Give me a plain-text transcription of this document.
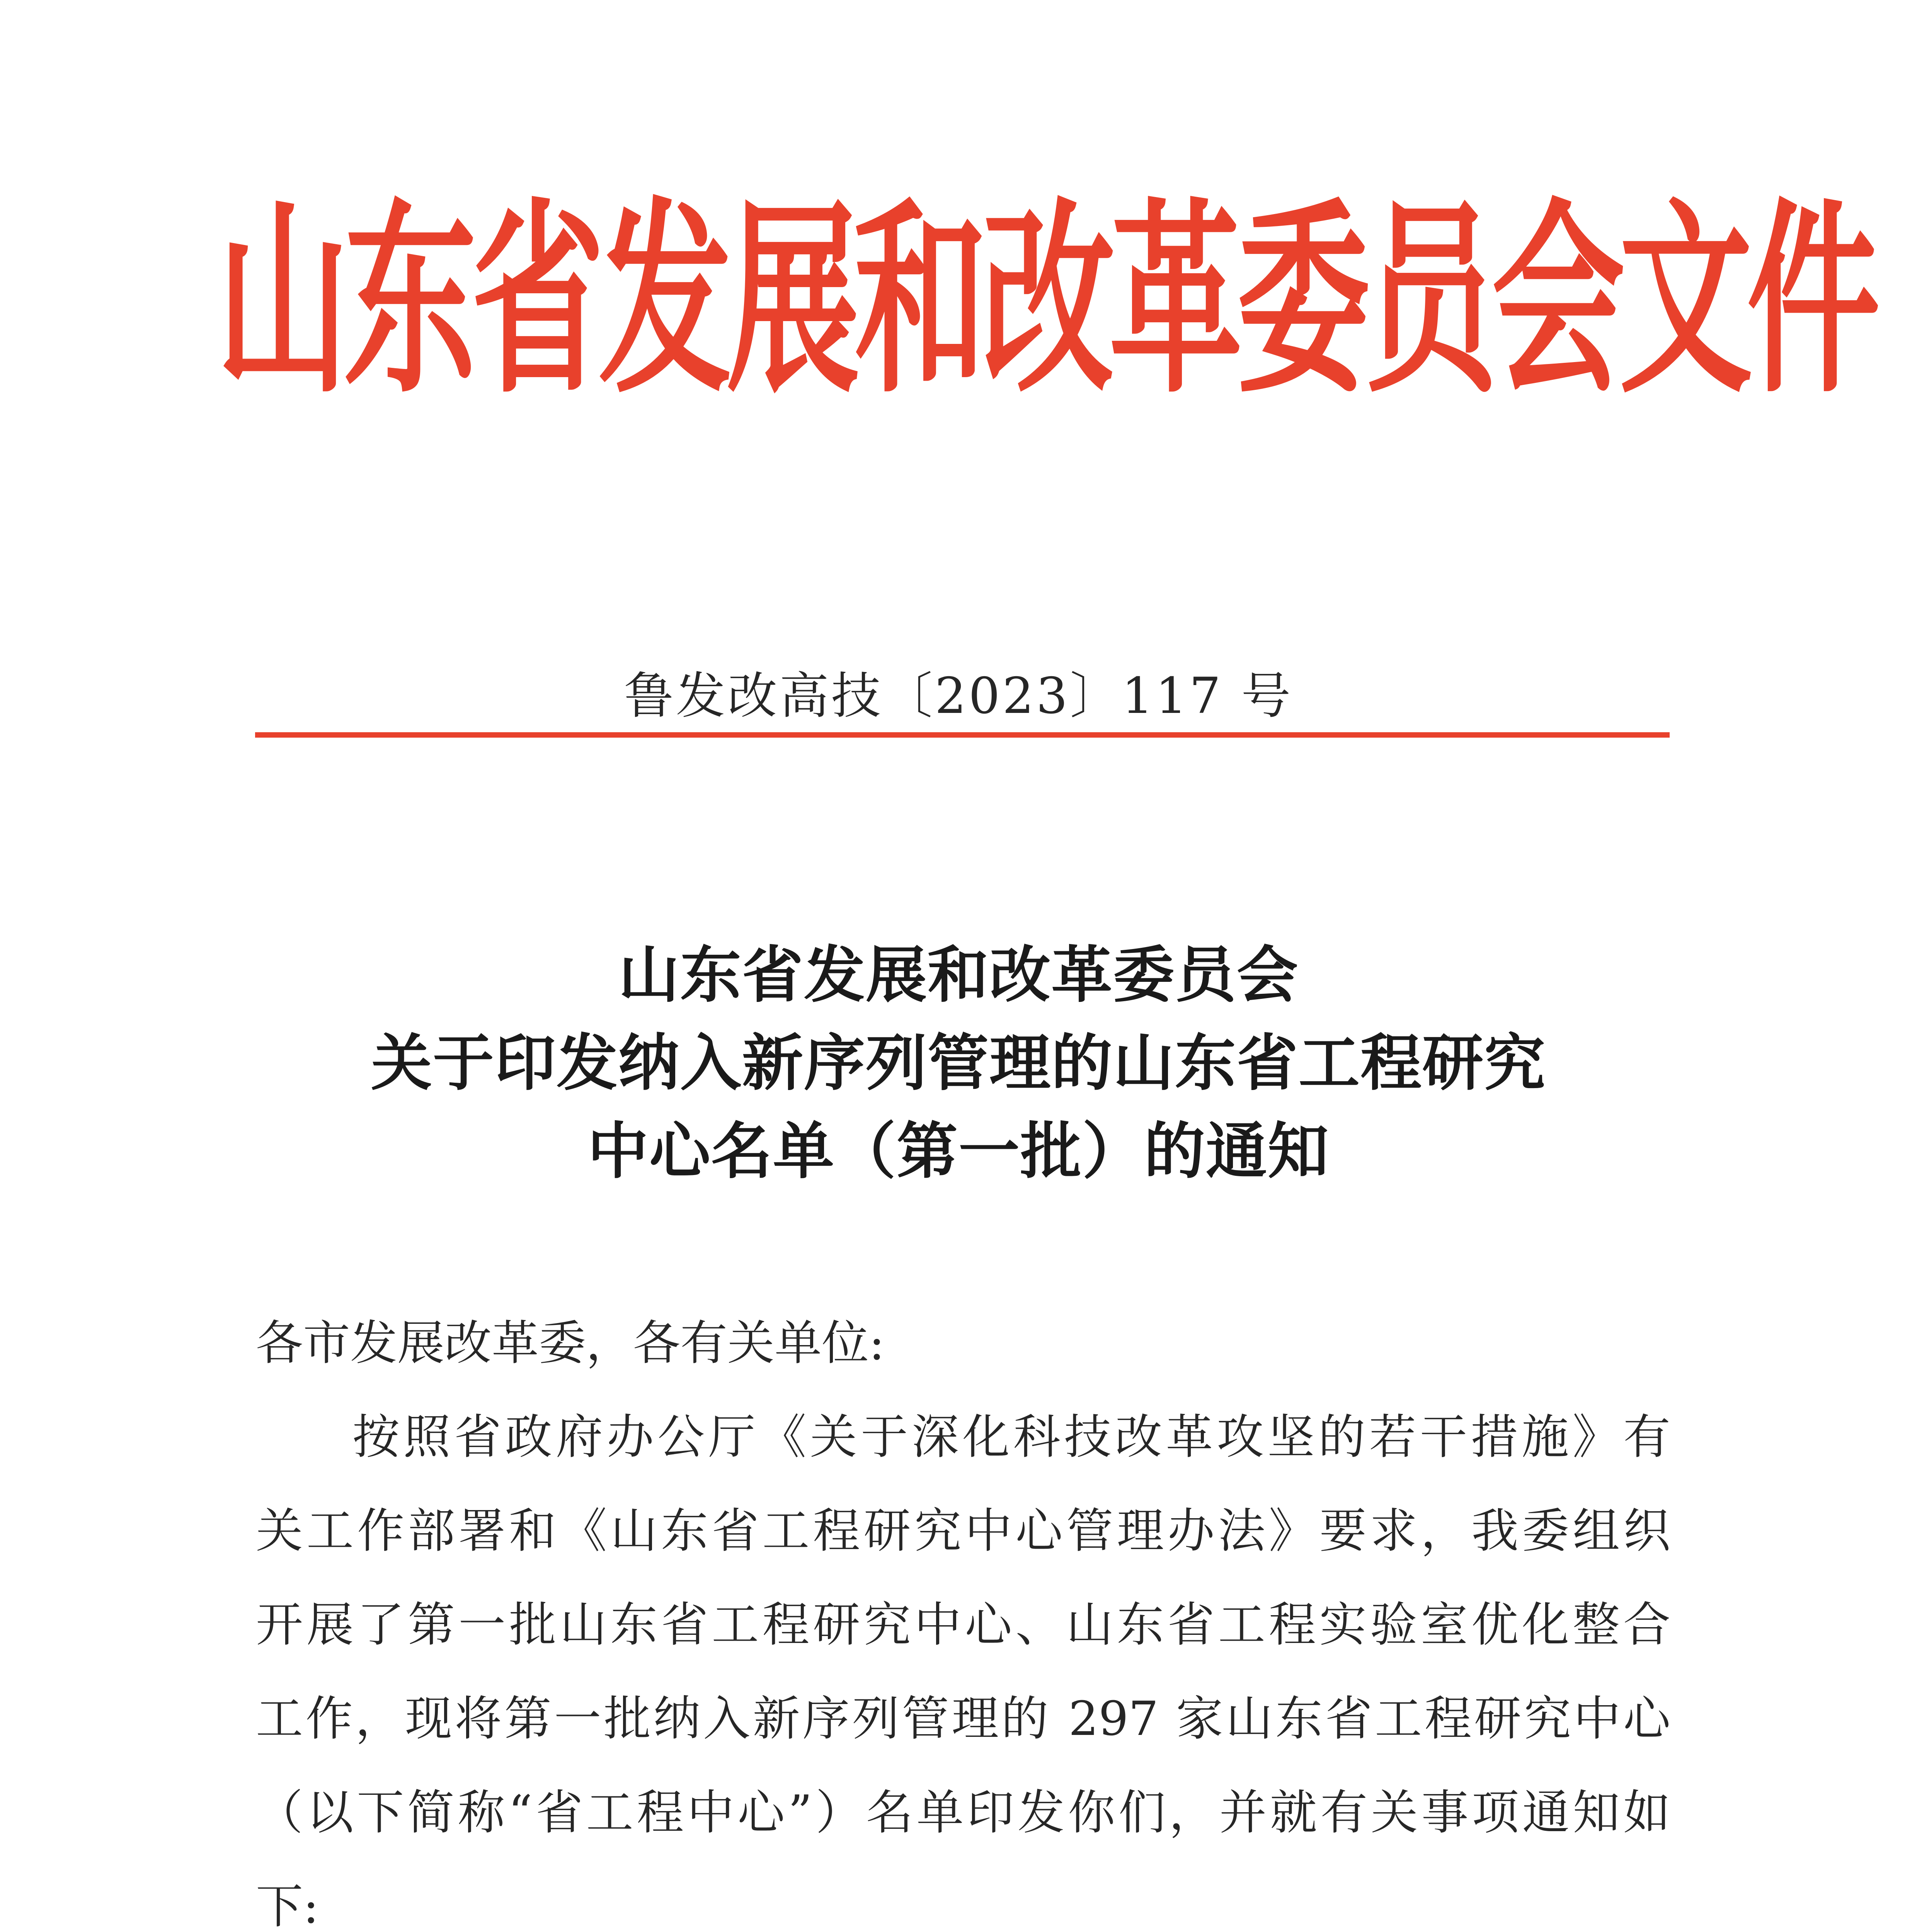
山东省发展和改革委员会文件
鲁发改高技〔2023〕117 号
山东省发展和改革委员会
关于印发纳入新序列管理的山东省工程研究
中心名单（第一批）的通知
各市发展改革委，各有关单位:
按照省政府办公厅《关于深化科技改革攻坚的若干措施》有
关工作部署和《山东省工程研究中心管理办法》要求，我委组织
开展了第一批山东省工程研究中心、山东省工程实验室优化整合
工作，现将第一批纳入新序列管理的 297 家山东省工程研究中心
（以下简称“省工程中心”）名单印发你们，并就有关事项通知如
下:
